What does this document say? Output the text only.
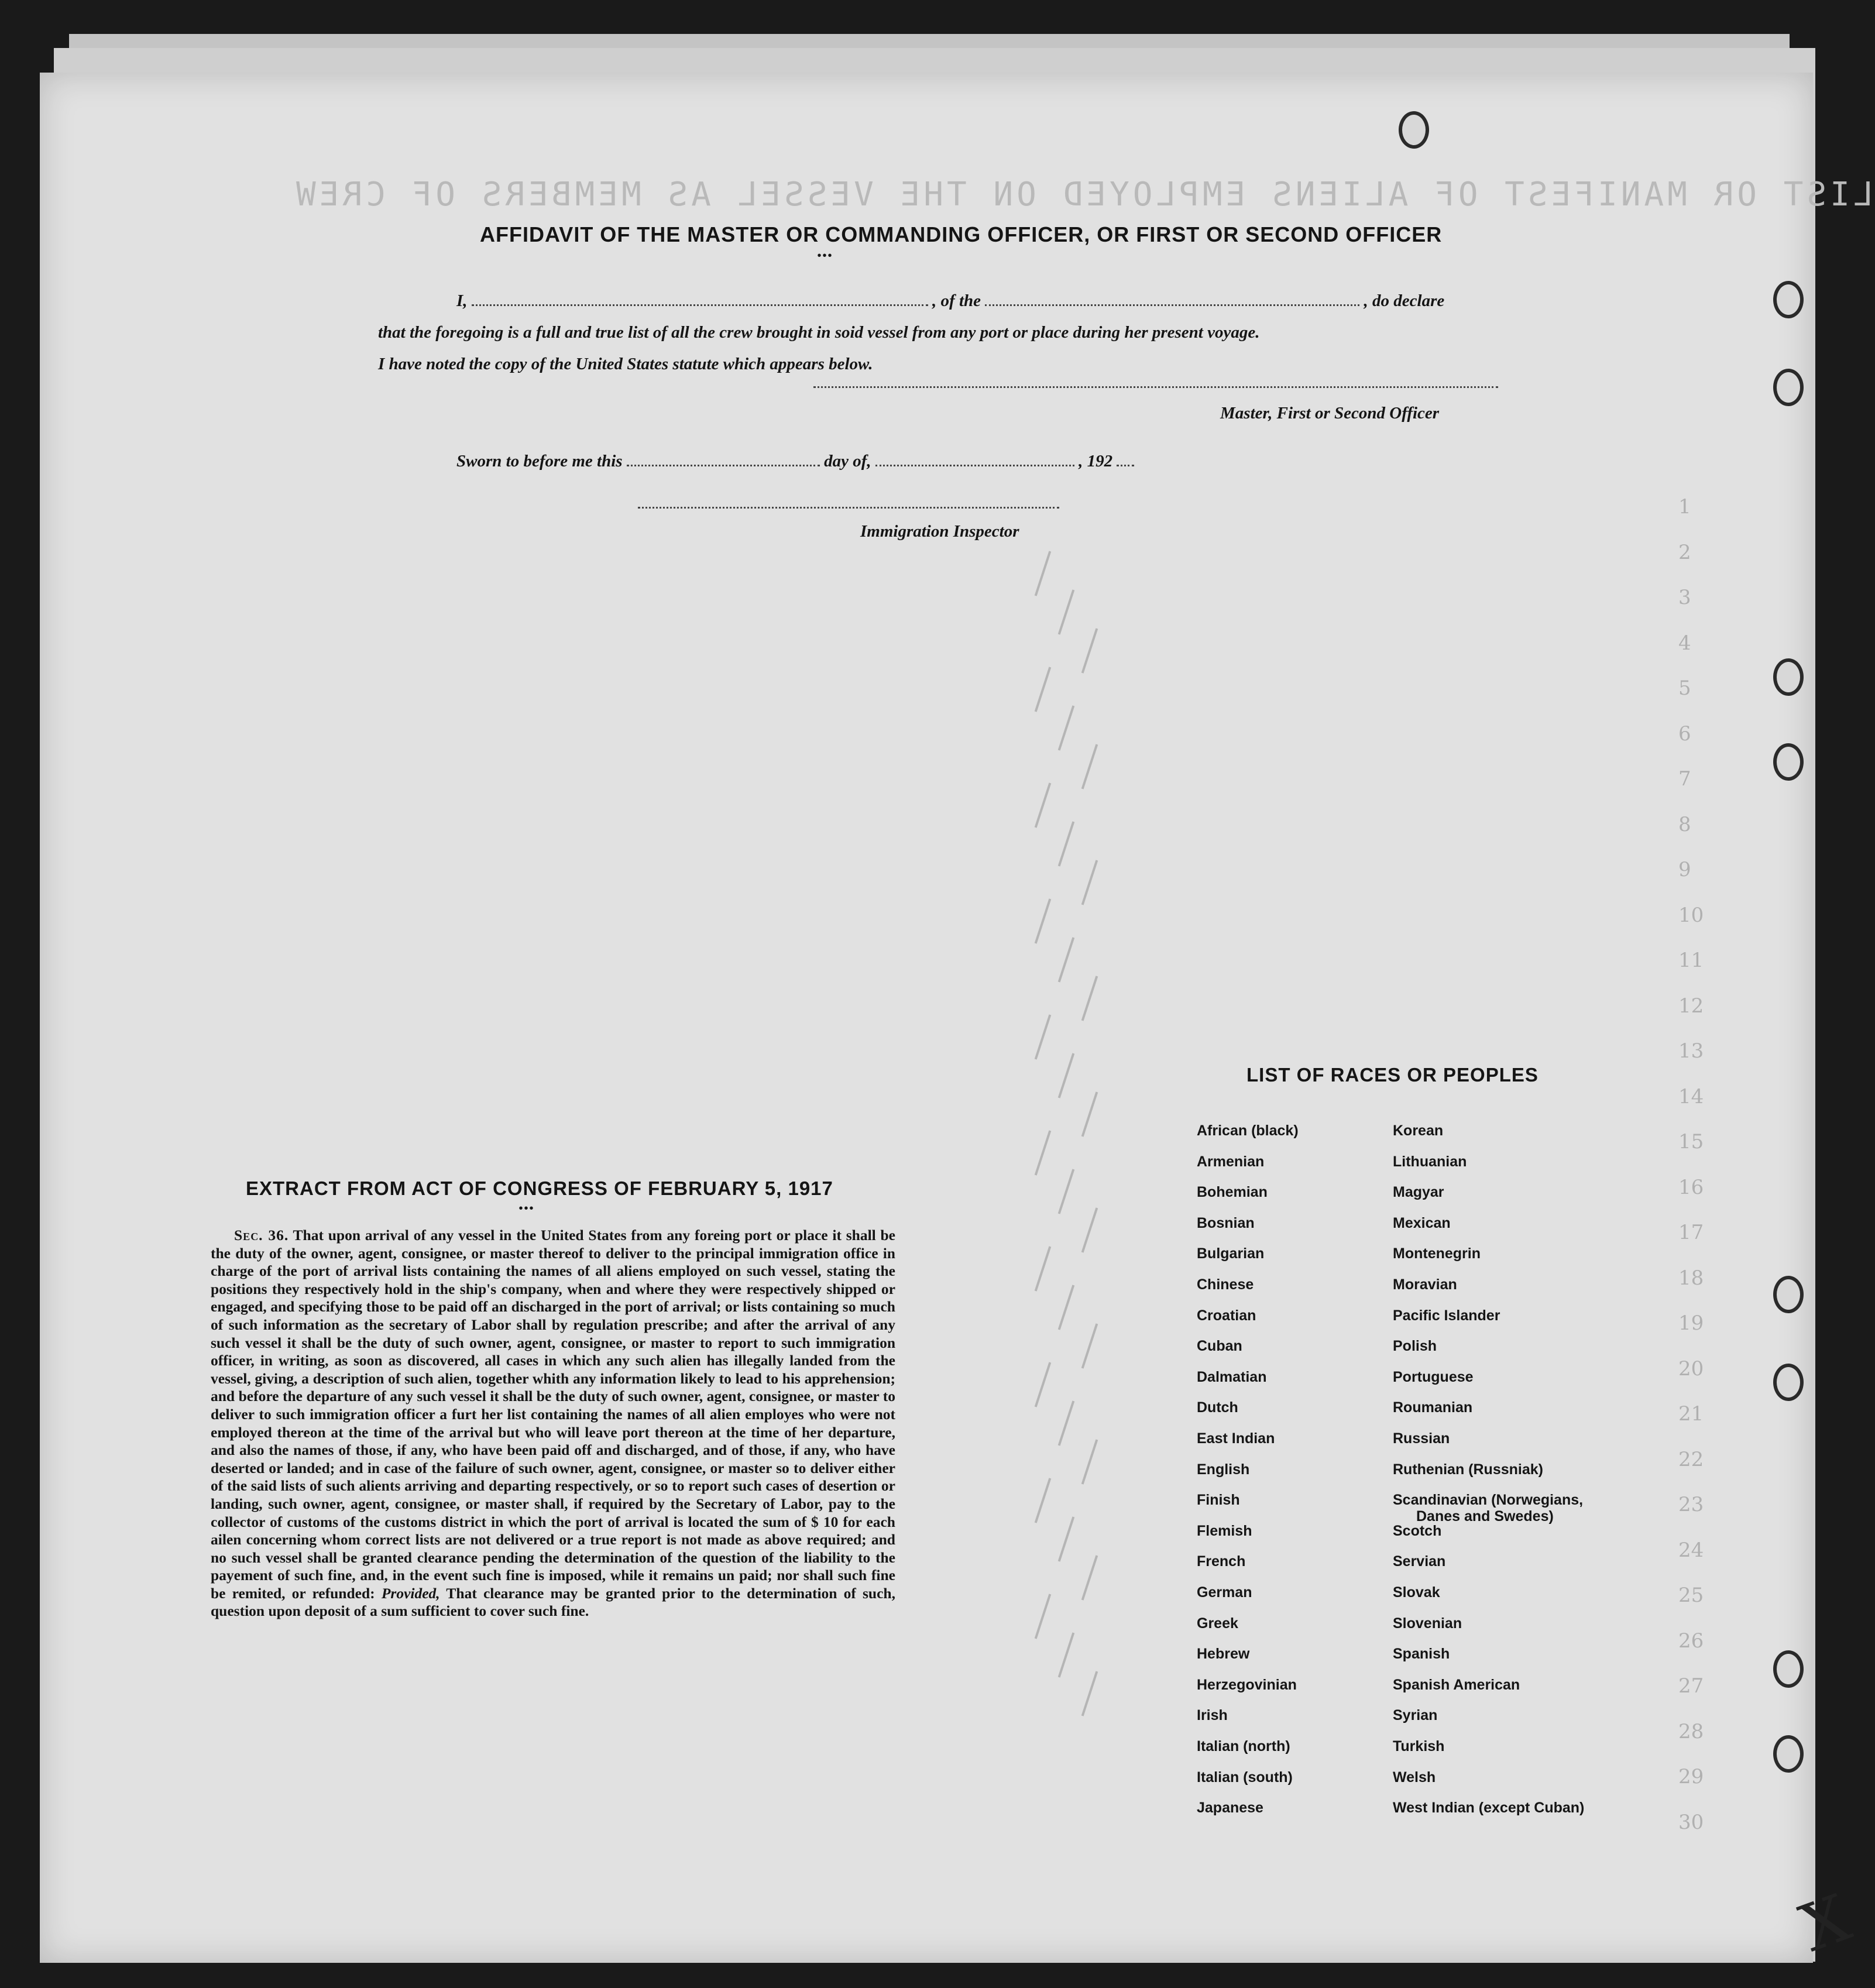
LIST OR MANIFEST OF ALIENS EMPLOYED ON THE VESSEL AS MEMBERS OF CREW
1
2
3
4
5
6
7
8
9
10
11
12
13
14
15
16
17
18
19
20
21
22
23
24
25
26
27
28
29
30
AFFIDAVIT OF THE MASTER OR COMMANDING OFFICER, OR FIRST OR SECOND OFFICER
•••
I,	, of the	, do declare
that the foregoing is a full and true list of all the crew brought in soid vessel from any port or place during her present voyage.
I have noted the copy of the United States statute which appears below.
Master, First or Second Officer
Sworn to before me this	day of,	, 192
Immigration Inspector
EXTRACT FROM ACT OF CONGRESS OF FEBRUARY 5, 1917
•••
Sec. 36. That upon arrival of any vessel in the United States from any foreing port or place it shall be the duty of the owner, agent, consignee, or master thereof to deliver to the principal immigration office in charge of the port of arrival lists containing the names of all aliens employed on such vessel, stating the positions they respectively hold in the ship's company, when and where they were respectively shipped or engaged, and specifying those to be paid off an discharged in the port of arrival; or lists containing so much of such information as the secretary of Labor shall by regulation prescribe; and after the arrival of any such vessel it shall be the duty of such owner, agent, consignee, or master to report to such immigration officer, in writing, as soon as discovered, all cases in which any such alien has illegally landed from the vessel, giving, a description of such alien, together whith any information likely to lead to his apprehension; and before the departure of any such vessel it shall be the duty of such owner, agent, consignee, or master to deliver to such immigration officer a furt her list containing the names of all alien employes who were not employed thereon at the time of the arrival but who will leave port thereon at the time of her departure, and also the names of those, if any, who have been paid off and discharged, and of those, if any, who have deserted or landed; and in case of the failure of such owner, agent, consignee, or master so to deliver either of the said lists of such alients arriving and departing respectively, or so to report such cases of desertion or landing, such owner, agent, consignee, or master shall, if required by the Secretary of Labor, pay to the collector of customs of the customs district in which the port of arrival is located the sum of $ 10 for each ailen concerning whom correct lists are not delivered or a true report is not made as above required; and no such vessel shall be granted clearance pending the determination of the question of the liability to the payement of such fine, and, in the event such fine is imposed, while it remains un paid; nor shall such fine be remited, or refunded: Provided, That clearance may be granted prior to the determination of such, question upon deposit of a sum sufficient to cover such fine.
LIST OF RACES OR PEOPLES
African (black)
Armenian
Bohemian
Bosnian
Bulgarian
Chinese
Croatian
Cuban
Dalmatian
Dutch
East Indian
English
Finish
Flemish
French
German
Greek
Hebrew
Herzegovinian
Irish
Italian (north)
Italian (south)
Japanese
Korean
Lithuanian
Magyar
Mexican
Montenegrin
Moravian
Pacific Islander
Polish
Portuguese
Roumanian
Russian
Ruthenian (Russniak)
Scandinavian (Norwegians,
Danes and Swedes)
Scotch
Servian
Slovak
Slovenian
Spanish
Spanish American
Syrian
Turkish
Welsh
West Indian (except Cuban)
X
